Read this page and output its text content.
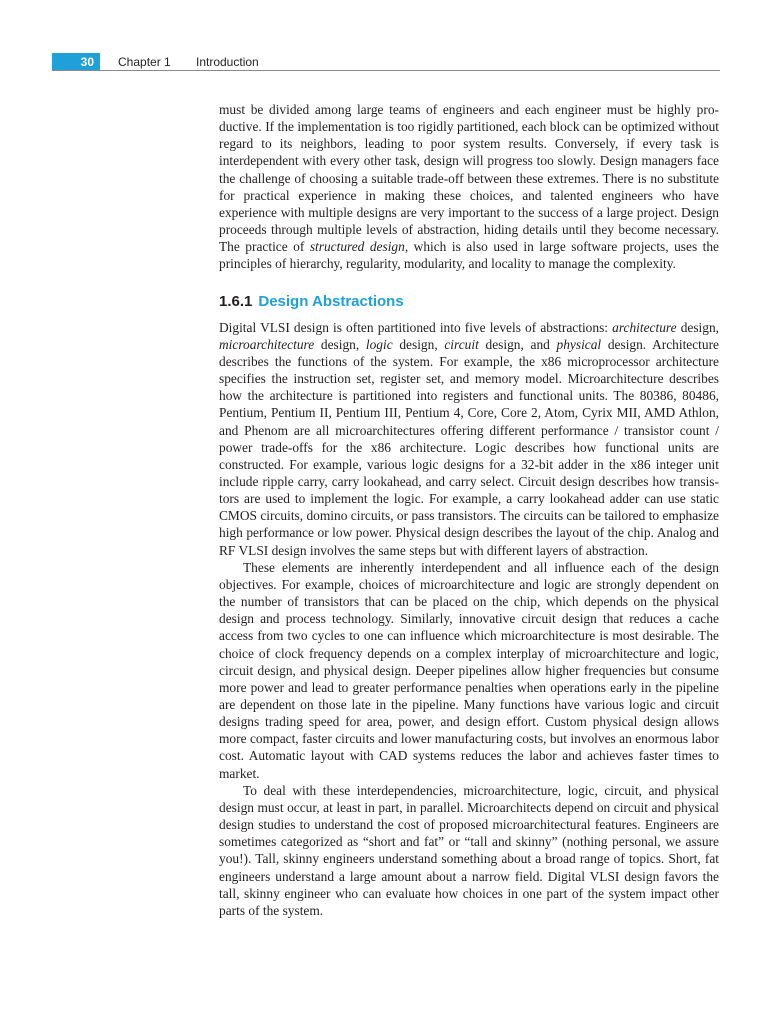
30	Chapter 1 Introduction

must be divided among large teams of engineers and each engineer must be highly productive. If the implementation is too rigidly partitioned, each block can be optimized without regard to its neighbors, leading to poor system results. Conversely, if every task is interdependent with every other task, design will progress too slowly. Design managers face the challenge of choosing a suitable trade-off between these extremes. There is no substitute for practical experience in making these choices, and talented engineers who have experience with multiple designs are very important to the success of a large project. Design proceeds through multiple levels of abstraction, hiding details until they become necessary. The practice of structured design, which is also used in large software projects, uses the principles of hierarchy, regularity, modularity, and locality to manage the complexity.

1.6.1 Design Abstractions

Digital VLSI design is often partitioned into five levels of abstractions: architecture design, microarchitecture design, logic design, circuit design, and physical design. Architecture describes the functions of the system. For example, the x86 microprocessor architecture specifies the instruction set, register set, and memory model. Microarchitecture describes how the architecture is partitioned into registers and functional units. The 80386, 80486, Pentium, Pentium II, Pentium III, Pentium 4, Core, Core 2, Atom, Cyrix MII, AMD Athlon, and Phenom are all microarchitectures offering different performance / transistor count / power trade-offs for the x86 architecture. Logic describes how functional units are constructed. For example, various logic designs for a 32-bit adder in the x86 integer unit include ripple carry, carry lookahead, and carry select. Circuit design describes how transistors are used to implement the logic. For example, a carry lookahead adder can use static CMOS circuits, domino circuits, or pass transistors. The circuits can be tailored to emphasize high performance or low power. Physical design describes the layout of the chip. Analog and RF VLSI design involves the same steps but with different layers of abstraction.

These elements are inherently interdependent and all influence each of the design objectives. For example, choices of microarchitecture and logic are strongly dependent on the number of transistors that can be placed on the chip, which depends on the physical design and process technology. Similarly, innovative circuit design that reduces a cache access from two cycles to one can influence which microarchitecture is most desirable. The choice of clock frequency depends on a complex interplay of microarchitecture and logic, circuit design, and physical design. Deeper pipelines allow higher frequencies but consume more power and lead to greater performance penalties when operations early in the pipeline are dependent on those late in the pipeline. Many functions have various logic and circuit designs trading speed for area, power, and design effort. Custom physical design allows more compact, faster circuits and lower manufacturing costs, but involves an enormous labor cost. Automatic layout with CAD systems reduces the labor and achieves faster times to market.

To deal with these interdependencies, microarchitecture, logic, circuit, and physical design must occur, at least in part, in parallel. Microarchitects depend on circuit and physical design studies to understand the cost of proposed microarchitectural features. Engineers are sometimes categorized as “short and fat” or “tall and skinny” (nothing personal, we assure you!). Tall, skinny engineers understand something about a broad range of topics. Short, fat engineers understand a large amount about a narrow field. Digital VLSI design favors the tall, skinny engineer who can evaluate how choices in one part of the system impact other parts of the system.
